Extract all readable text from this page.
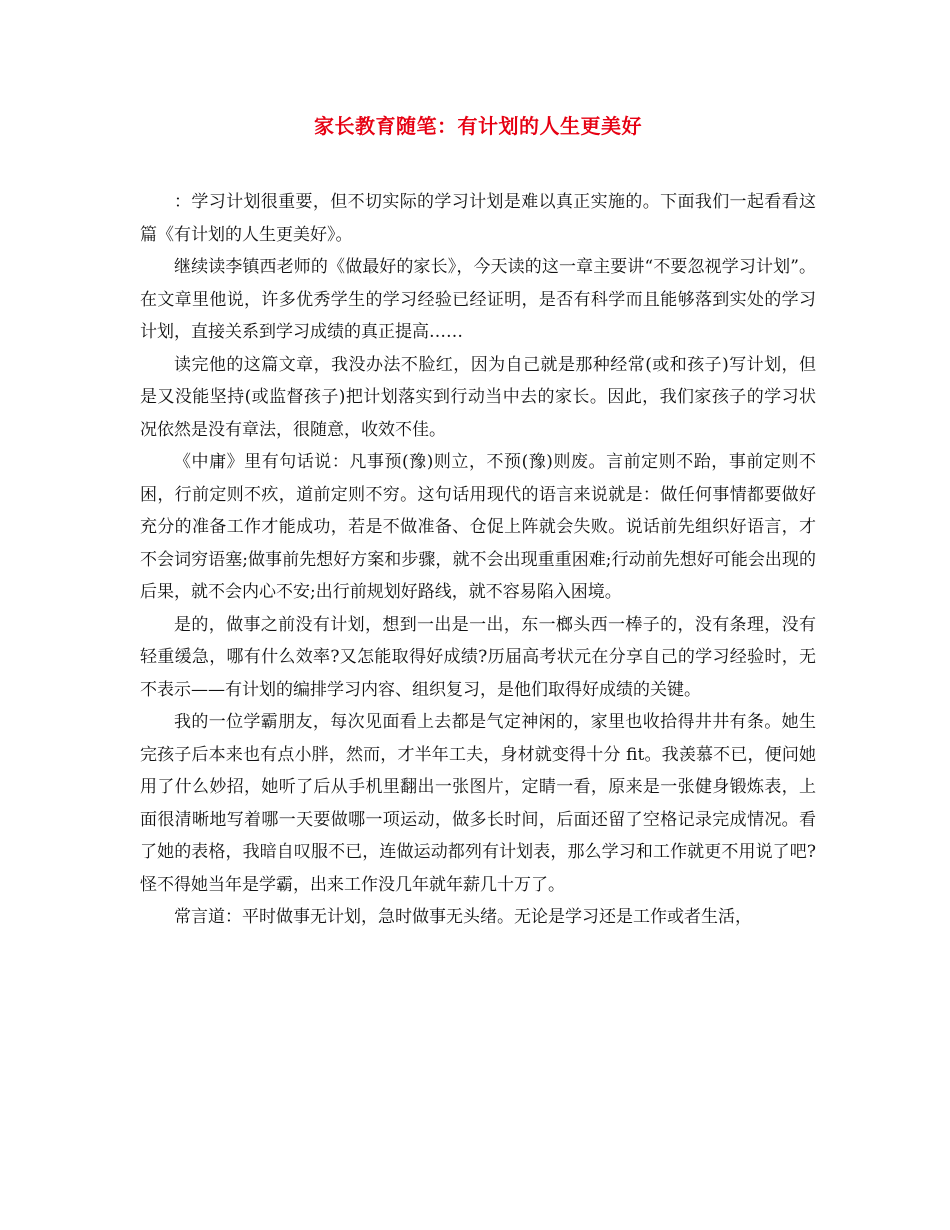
家长教育随笔：有计划的人生更美好

：学习计划很重要，但不切实际的学习计划是难以真正实施的。下面我们一起看看这篇《有计划的人生更美好》。

继续读李镇西老师的《做最好的家长》，今天读的这一章主要讲“不要忽视学习计划”。在文章里他说，许多优秀学生的学习经验已经证明，是否有科学而且能够落到实处的学习计划，直接关系到学习成绩的真正提高……

读完他的这篇文章，我没办法不脸红，因为自己就是那种经常(或和孩子)写计划，但是又没能坚持(或监督孩子)把计划落实到行动当中去的家长。因此，我们家孩子的学习状况依然是没有章法，很随意，收效不佳。

《中庸》里有句话说：凡事预(豫)则立，不预(豫)则废。言前定则不跆，事前定则不困，行前定则不疚，道前定则不穷。这句话用现代的语言来说就是：做任何事情都要做好充分的准备工作才能成功，若是不做准备、仓促上阵就会失败。说话前先组织好语言，才不会词穷语塞;做事前先想好方案和步骤，就不会出现重重困难;行动前先想好可能会出现的后果，就不会内心不安;出行前规划好路线，就不容易陷入困境。

是的，做事之前没有计划，想到一出是一出，东一榔头西一棒子的，没有条理，没有轻重缓急，哪有什么效率?又怎能取得好成绩?历届高考状元在分享自己的学习经验时，无不表示——有计划的编排学习内容、组织复习，是他们取得好成绩的关键。

我的一位学霸朋友，每次见面看上去都是气定神闲的，家里也收拾得井井有条。她生完孩子后本来也有点小胖，然而，才半年工夫，身材就变得十分 fit。我羡慕不已，便问她用了什么妙招，她听了后从手机里翻出一张图片，定睛一看，原来是一张健身锻炼表，上面很清晰地写着哪一天要做哪一项运动，做多长时间，后面还留了空格记录完成情况。看了她的表格，我暗自叹服不已，连做运动都列有计划表，那么学习和工作就更不用说了吧?怪不得她当年是学霸，出来工作没几年就年薪几十万了。

常言道：平时做事无计划，急时做事无头绪。无论是学习还是工作或者生活，
